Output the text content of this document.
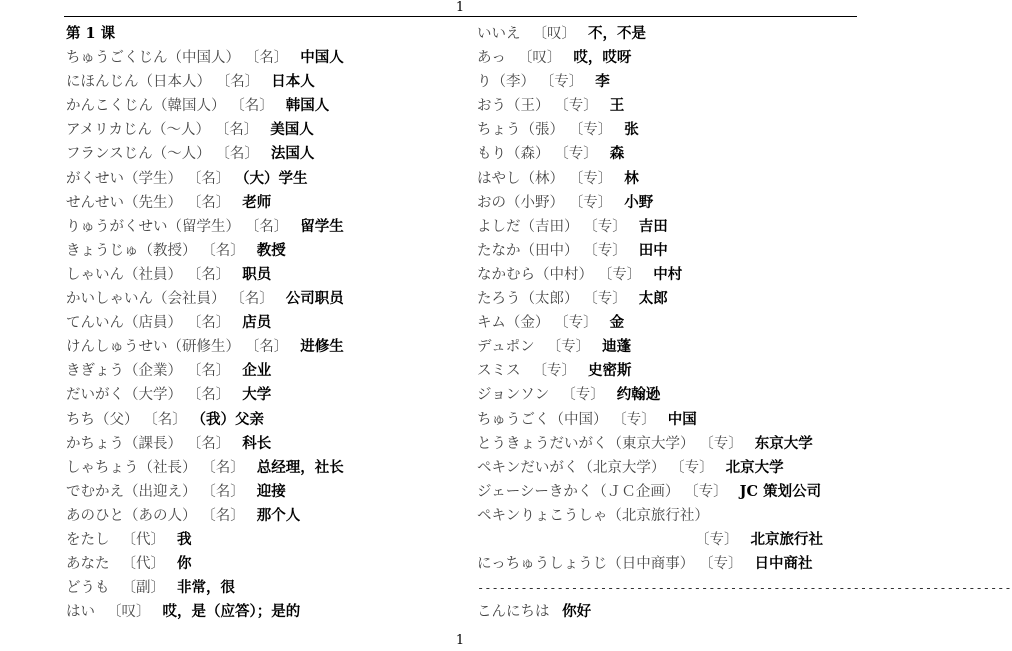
1
第 1 课
ちゅうごくじん（中国人） 〔名〕 中国人
にほんじん（日本人） 〔名〕 日本人
かんこくじん（韓国人） 〔名〕 韩国人
アメリカじん（～人） 〔名〕 美国人
フランスじん（～人） 〔名〕 法国人
がくせい（学生） 〔名〕 （大）学生
せんせい（先生） 〔名〕 老师
りゅうがくせい（留学生） 〔名〕 留学生
きょうじゅ（教授） 〔名〕 教授
しゃいん（社員） 〔名〕 职员
かいしゃいん（会社員） 〔名〕 公司职员
てんいん（店員） 〔名〕 店员
けんしゅうせい（研修生） 〔名〕 进修生
きぎょう（企業） 〔名〕 企业
だいがく（大学） 〔名〕 大学
ちち（父） 〔名〕 （我）父亲
かちょう（課長） 〔名〕 科长
しゃちょう（社長） 〔名〕 总经理，社长
でむかえ（出迎え） 〔名〕 迎接
あのひと（あの人） 〔名〕 那个人
をたし 〔代〕 我
あなた 〔代〕 你
どうも 〔副〕 非常，很
はい 〔叹〕 哎，是（应答）；是的
いいえ 〔叹〕 不，不是
あっ 〔叹〕 哎，哎呀
り（李） 〔专〕 李
おう（王） 〔专〕 王
ちょう（張） 〔专〕 张
もり（森） 〔专〕 森
はやし（林） 〔专〕 林
おの（小野） 〔专〕 小野
よしだ（吉田） 〔专〕 吉田
たなか（田中） 〔专〕 田中
なかむら（中村） 〔专〕 中村
たろう（太郎） 〔专〕 太郎
キム（金） 〔专〕 金
デュポン 〔专〕 迪蓬
スミス 〔专〕 史密斯
ジョンソン 〔专〕 约翰逊
ちゅうごく（中国） 〔专〕 中国
とうきょうだいがく（東京大学） 〔专〕 东京大学
ペキンだいがく（北京大学） 〔专〕 北京大学
ジェーシーきかく（ＪＣ企画） 〔专〕 JC 策划公司
ペキンりょこうしゃ（北京旅行社）
〔专〕 北京旅行社
にっちゅうしょうじ（日中商事） 〔专〕 日中商社
--------------------------------------------------------------------------
こんにちは 你好
1
